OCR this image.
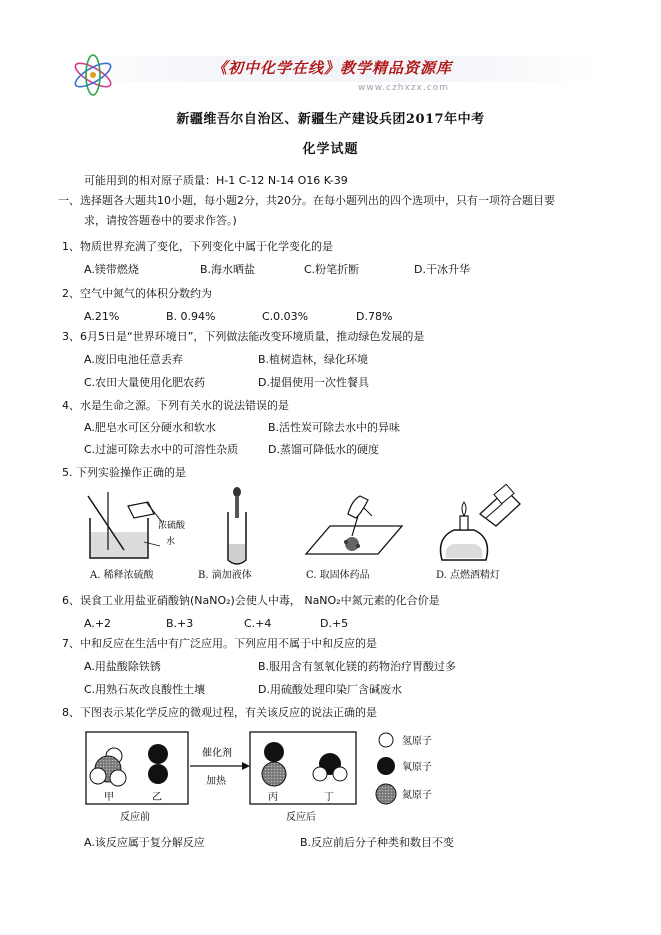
《初中化学在线》教学精品资源库
www.czhxzx.com
新疆维吾尔自治区、新疆生产建设兵团2017年中考
化学试题
可能用到的相对原子质量：H-1 C-12 N-14 O16 K-39
一、选择题各大题共10小题，每小题2分，共20分。在每小题列出的四个选项中，只有一项符合题目要
求，请按答题卷中的要求作答。)
1、物质世界充满了变化，下列变化中属于化学变化的是
A.镁带燃烧	B.海水晒盐	C.粉笔折断	D.干冰升华
2、空气中氮气的体积分数约为
A.21%	B. 0.94%	C.0.03%	D.78%
3、6月5日是“世界环境日”，下列做法能改变环境质量，推动绿色发展的是
A.废旧电池任意丢弃	B.植树造林，绿化环境
C.农田大量使用化肥农药	D.提倡使用一次性餐具
4、水是生命之源。下列有关水的说法错误的是
A.肥皂水可区分硬水和软水	B.活性炭可除去水中的异味
C.过滤可除去水中的可溶性杂质	D.蒸馏可降低水的硬度
5. 下列实验操作正确的是
浓硫酸
水
A. 稀释浓硫酸	B. 滴加液体	C. 取固体药品	D. 点燃酒精灯
6、误食工业用盐亚硝酸钠(NaNO₂)会使人中毒， NaNO₂中氮元素的化合价是
A.+2	B.+3	C.+4	D.+5
7、中和反应在生活中有广泛应用。下列应用不属于中和反应的是
A.用盐酸除铁锈	B.服用含有氢氧化镁的药物治疗胃酸过多
C.用熟石灰改良酸性土壤	D.用硫酸处理印染厂含碱废水
8、下图表示某化学反应的微观过程，有关该反应的说法正确的是
甲	乙
催化剂
加热
丙	丁
反应前	反应后
氢原子
氧原子
氮原子
A.该反应属于复分解反应	B.反应前后分子种类和数目不变
